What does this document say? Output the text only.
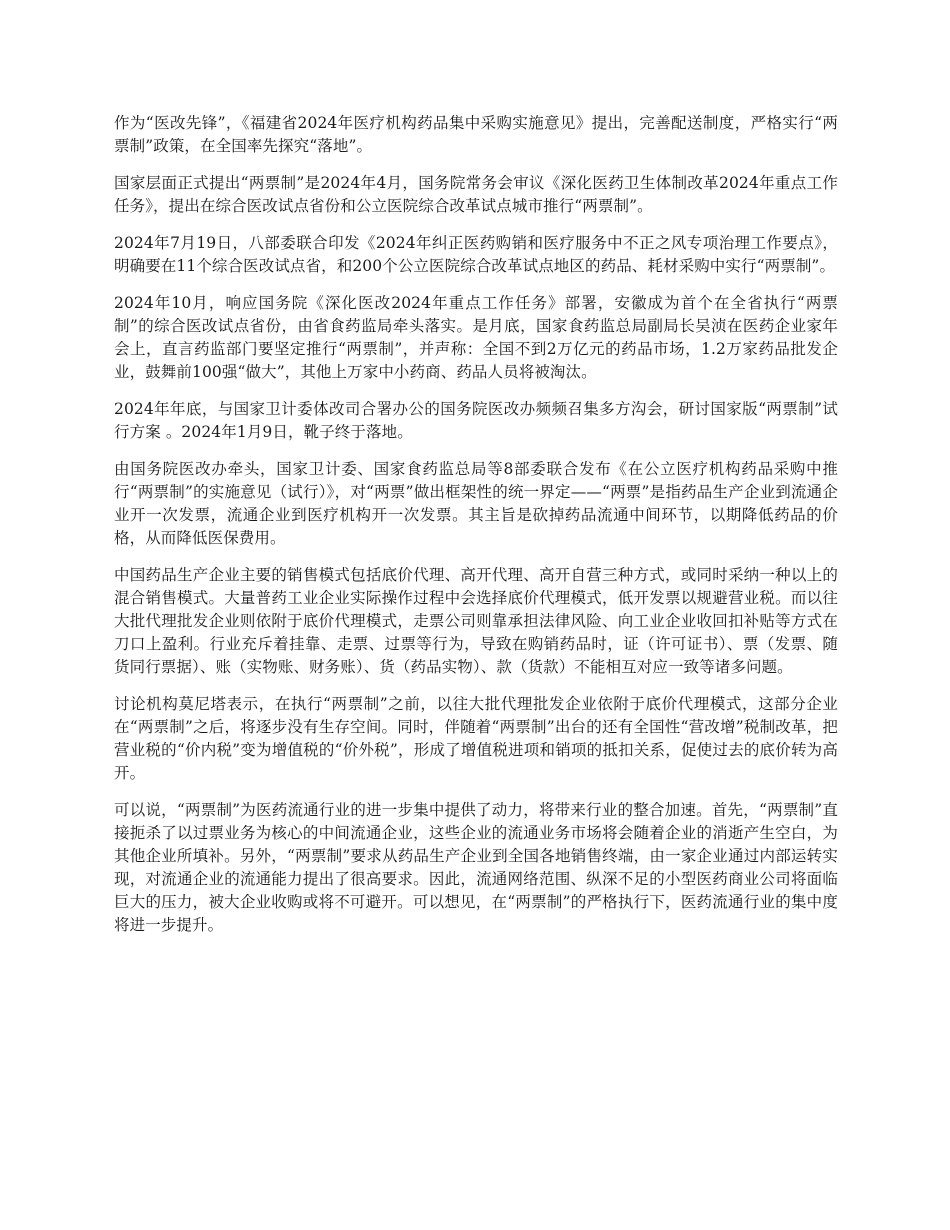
作为“医改先锋”，《福建省2024年医疗机构药品集中采购实施意见》提出，完善配送制度，严格实行“两票制”政策，在全国率先探究“落地”。

国家层面正式提出“两票制”是2024年4月，国务院常务会审议《深化医药卫生体制改革2024年重点工作任务》，提出在综合医改试点省份和公立医院综合改革试点城市推行“两票制”。

2024年7月19日，八部委联合印发《2024年纠正医药购销和医疗服务中不正之风专项治理工作要点》，明确要在11个综合医改试点省，和200个公立医院综合改革试点地区的药品、耗材采购中实行“两票制”。

2024年10月，响应国务院《深化医改2024年重点工作任务》部署，安徽成为首个在全省执行“两票制”的综合医改试点省份，由省食药监局牵头落实。是月底，国家食药监总局副局长吴浈在医药企业家年会上，直言药监部门要坚定推行“两票制”，并声称：全国不到2万亿元的药品市场，1.2万家药品批发企业，鼓舞前100强“做大”，其他上万家中小药商、药品人员将被淘汰。

2024年年底，与国家卫计委体改司合署办公的国务院医改办频频召集多方沟会，研讨国家版“两票制”试行方案 。2024年1月9日，靴子终于落地。

由国务院医改办牵头，国家卫计委、国家食药监总局等8部委联合发布《在公立医疗机构药品采购中推行“两票制”的实施意见（试行）》，对“两票”做出框架性的统一界定——“两票”是指药品生产企业到流通企业开一次发票，流通企业到医疗机构开一次发票。其主旨是砍掉药品流通中间环节，以期降低药品的价格，从而降低医保费用。

中国药品生产企业主要的销售模式包括底价代理、高开代理、高开自营三种方式，或同时采纳一种以上的混合销售模式。大量普药工业企业实际操作过程中会选择底价代理模式，低开发票以规避营业税。而以往大批代理批发企业则依附于底价代理模式，走票公司则靠承担法律风险、向工业企业收回扣补贴等方式在刀口上盈利。行业充斥着挂靠、走票、过票等行为，导致在购销药品时，证（许可证书）、票（发票、随货同行票据）、账（实物账、财务账）、货（药品实物）、款（货款）不能相互对应一致等诸多问题。

讨论机构莫尼塔表示，在执行“两票制”之前，以往大批代理批发企业依附于底价代理模式，这部分企业在“两票制”之后，将逐步没有生存空间。同时，伴随着“两票制”出台的还有全国性“营改增”税制改革，把营业税的“价内税”变为增值税的“价外税”，形成了增值税进项和销项的抵扣关系，促使过去的底价转为高开。

可以说，“两票制”为医药流通行业的进一步集中提供了动力，将带来行业的整合加速。首先，“两票制”直接扼杀了以过票业务为核心的中间流通企业，这些企业的流通业务市场将会随着企业的消逝产生空白，为其他企业所填补。另外，“两票制”要求从药品生产企业到全国各地销售终端，由一家企业通过内部运转实现，对流通企业的流通能力提出了很高要求。因此，流通网络范围、纵深不足的小型医药商业公司将面临巨大的压力，被大企业收购或将不可避开。可以想见，在“两票制”的严格执行下，医药流通行业的集中度将进一步提升。
